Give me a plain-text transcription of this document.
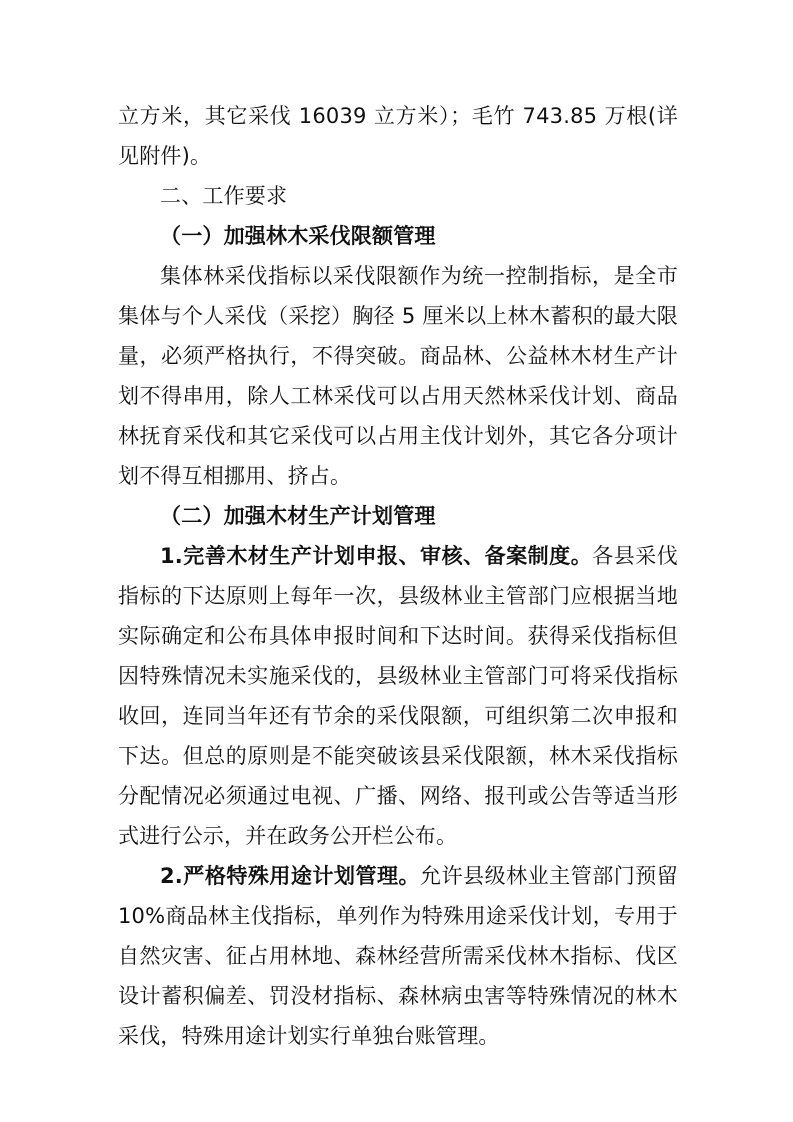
立方米，其它采伐 16039 立方米）；毛竹 743.85 万根(详见附件)。

二、工作要求

（一）加强林木采伐限额管理

集体林采伐指标以采伐限额作为统一控制指标，是全市集体与个人采伐（采挖）胸径 5 厘米以上林木蓄积的最大限量，必须严格执行，不得突破。商品林、公益林木材生产计划不得串用，除人工林采伐可以占用天然林采伐计划、商品林抚育采伐和其它采伐可以占用主伐计划外，其它各分项计划不得互相挪用、挤占。

（二）加强木材生产计划管理

1.完善木材生产计划申报、审核、备案制度。各县采伐指标的下达原则上每年一次，县级林业主管部门应根据当地实际确定和公布具体申报时间和下达时间。获得采伐指标但因特殊情况未实施采伐的，县级林业主管部门可将采伐指标收回，连同当年还有节余的采伐限额，可组织第二次申报和下达。但总的原则是不能突破该县采伐限额，林木采伐指标分配情况必须通过电视、广播、网络、报刊或公告等适当形式进行公示，并在政务公开栏公布。

2.严格特殊用途计划管理。允许县级林业主管部门预留10%商品林主伐指标，单列作为特殊用途采伐计划，专用于自然灾害、征占用林地、森林经营所需采伐林木指标、伐区设计蓄积偏差、罚没材指标、森林病虫害等特殊情况的林木采伐，特殊用途计划实行单独台账管理。
